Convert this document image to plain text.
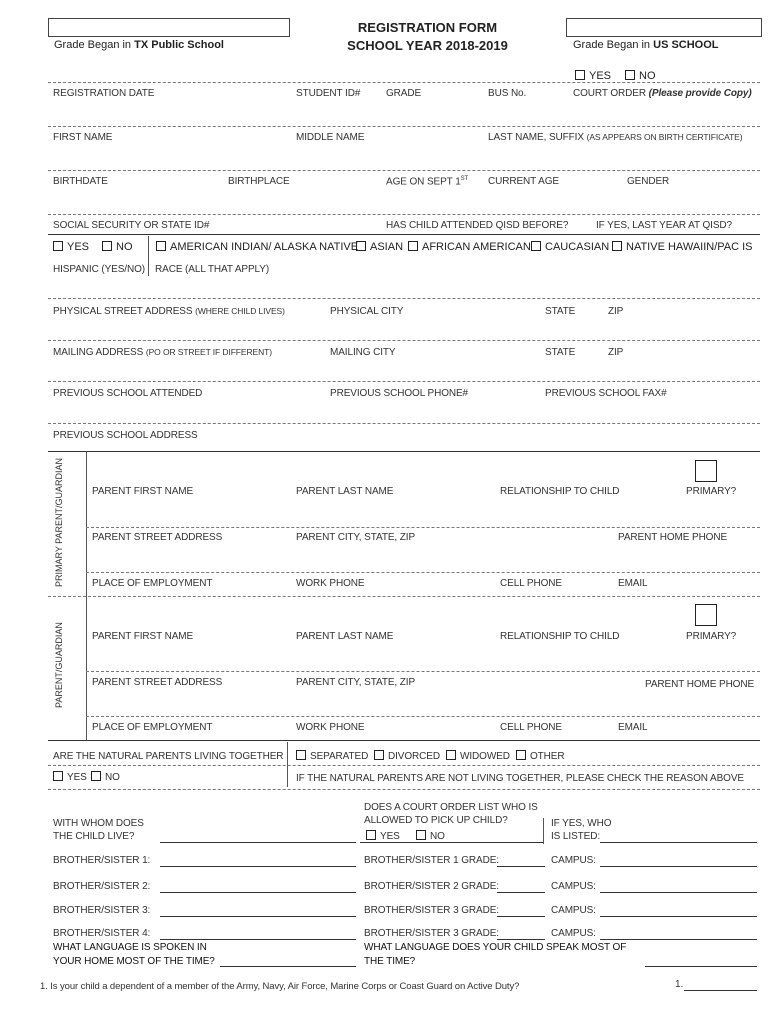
Grade Began in TX Public School
REGISTRATION FORM
SCHOOL YEAR 2018-2019	Grade Began in US SCHOOL
YES	NO
REGISTRATION DATE	STUDENT ID#	GRADE	BUS No.	COURT ORDER (Please provide Copy)
FIRST NAME	MIDDLE NAME	LAST NAME, SUFFIX (AS APPEARS ON BIRTH CERTIFICATE)
BIRTHDATE	BIRTHPLACE	AGE ON SEPT 1ST CURRENT AGE	GENDER
SOCIAL SECURITY OR STATE ID#	HAS CHILD ATTENDED QISD BEFORE?	IF YES, LAST YEAR AT QISD?
YES	NO	AMERICAN INDIAN/ ALASKA NATIVE	ASIAN	AFRICAN AMERICAN	CAUCASIAN	NATIVE HAWAIIN/PAC IS
HISPANIC (YES/NO) RACE (ALL THAT APPLY)
PHYSICAL STREET ADDRESS (WHERE CHILD LIVES)	PHYSICAL CITY	STATE	ZIP
MAILING ADDRESS (PO OR STREET IF DIFFERENT)	MAILING CITY	STATE	ZIP
PREVIOUS SCHOOL ATTENDED	PREVIOUS SCHOOL PHONE#	PREVIOUS SCHOOL FAX#
PREVIOUS SCHOOL ADDRESS
PRIMARY PARENT/GUARDIAN	PARENT FIRST NAME	PARENT LAST NAME	RELATIONSHIP TO CHILD	PRIMARY?
PARENT STREET ADDRESS	PARENT CITY, STATE, ZIP	PARENT HOME PHONE
PLACE OF EMPLOYMENT	WORK PHONE	CELL PHONE	EMAIL
PARENT/GUARDIAN	PARENT FIRST NAME	PARENT LAST NAME	RELATIONSHIP TO CHILD	PRIMARY?
PARENT STREET ADDRESS	PARENT CITY, STATE, ZIP	PARENT HOME PHONE
PLACE OF EMPLOYMENT	WORK PHONE	CELL PHONE	EMAIL
ARE THE NATURAL PARENTS LIVING TOGETHER	SEPARATED	DIVORCED	WIDOWED	OTHER
YES	NO	IF THE NATURAL PARENTS ARE NOT LIVING TOGETHER, PLEASE CHECK THE REASON ABOVE
WITH WHOM DOES
THE CHILD LIVE?
DOES A COURT ORDER LIST WHO IS
ALLOWED TO PICK UP CHILD?
YES	NO
IF YES, WHO
IS LISTED:
BROTHER/SISTER 1:	BROTHER/SISTER 1 GRADE:	CAMPUS:
BROTHER/SISTER 2:	BROTHER/SISTER 2 GRADE:	CAMPUS:
BROTHER/SISTER 3:	BROTHER/SISTER 3 GRADE:	CAMPUS:
BROTHER/SISTER 4:	BROTHER/SISTER 3 GRADE:	CAMPUS:
WHAT LANGUAGE IS SPOKEN IN
YOUR HOME MOST OF THE TIME?
WHAT LANGUAGE DOES YOUR CHILD SPEAK MOST OF
THE TIME?
1. Is your child a dependent of a member of the Army, Navy, Air Force, Marine Corps or Coast Guard on Active Duty?	1.
